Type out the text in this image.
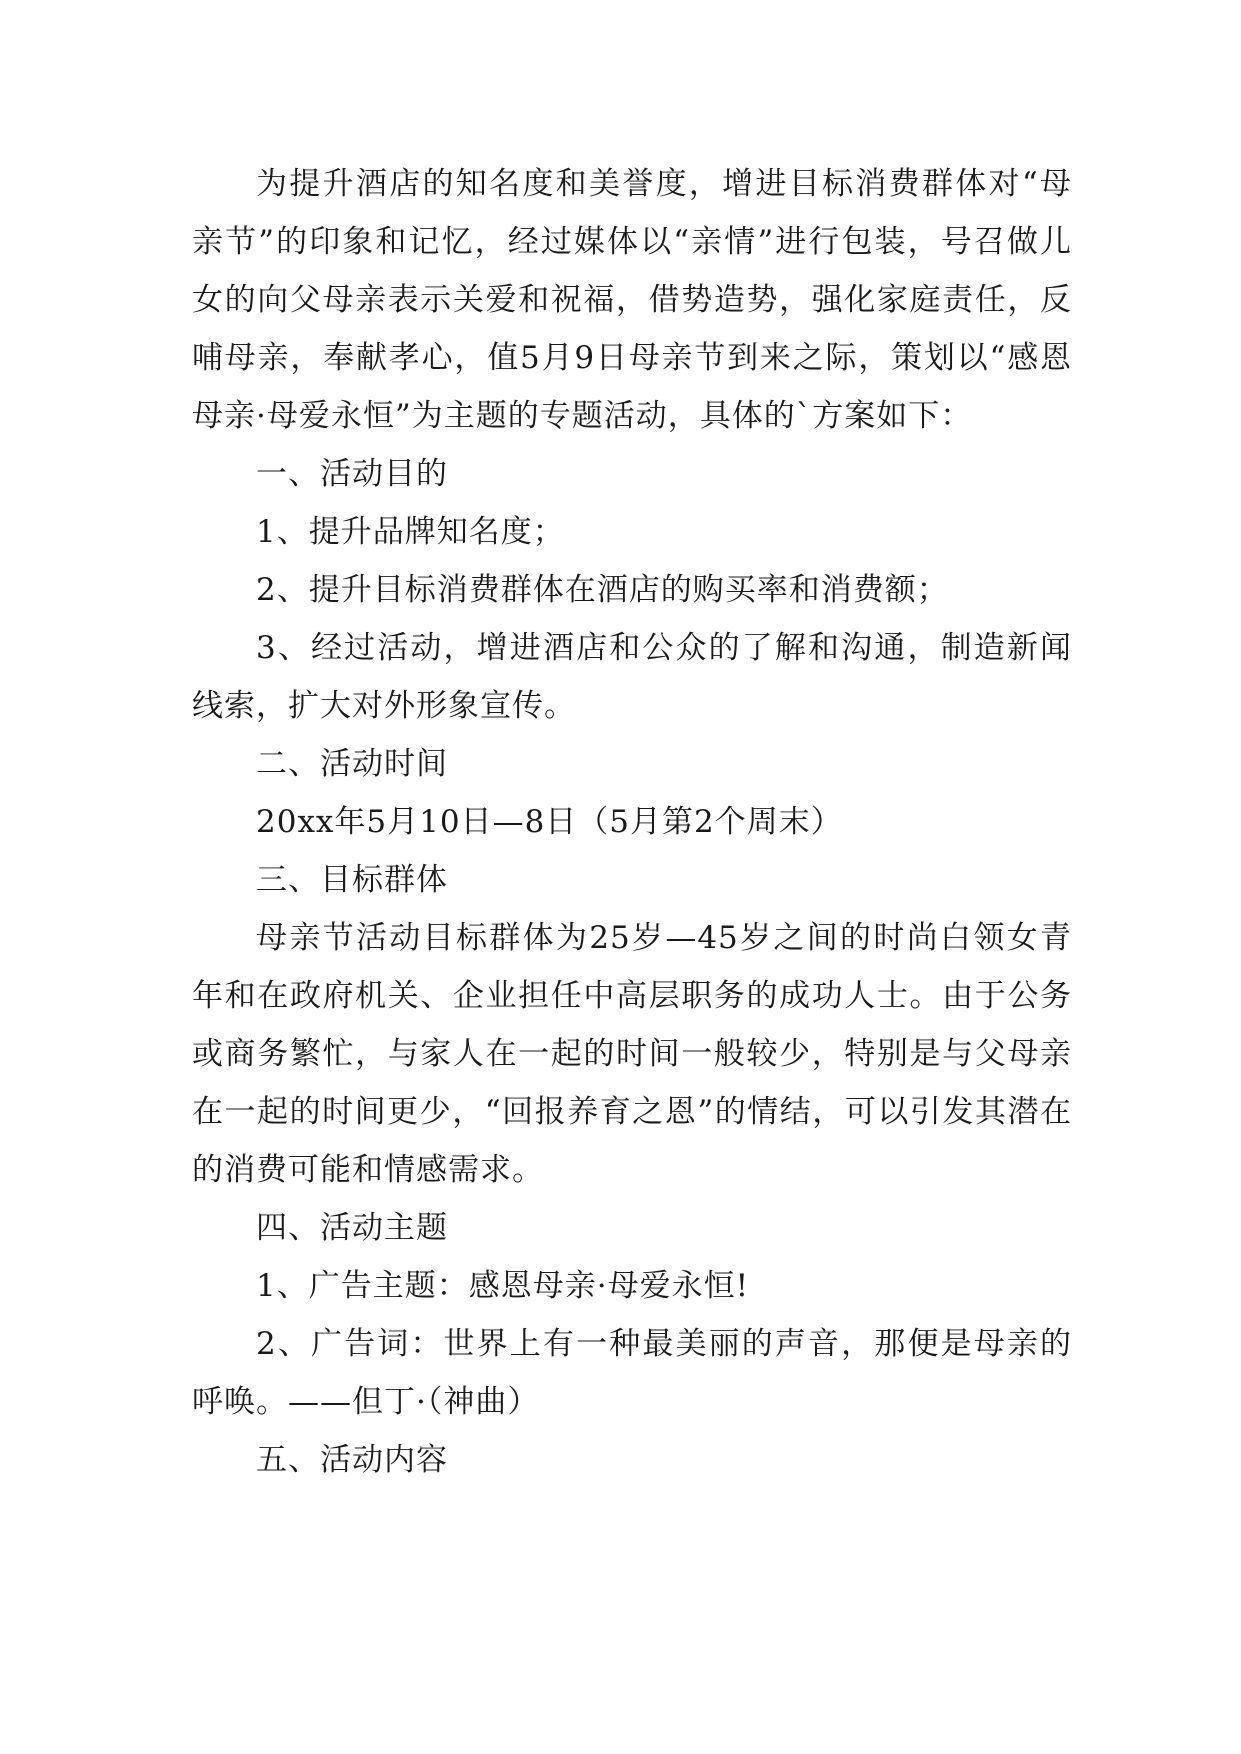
为提升酒店的知名度和美誉度，增进目标消费群体对“母亲节”的印象和记忆，经过媒体以“亲情”进行包装，号召做儿女的向父母亲表示关爱和祝福，借势造势，强化家庭责任，反哺母亲，奉献孝心，值5月9日母亲节到来之际，策划以“感恩母亲·母爱永恒”为主题的专题活动，具体的`方案如下：

一、活动目的

1、提升品牌知名度；

2、提升目标消费群体在酒店的购买率和消费额；

3、经过活动，增进酒店和公众的了解和沟通，制造新闻线索，扩大对外形象宣传。

二、活动时间

20xx年5月10日—8日（5月第2个周末）

三、目标群体

母亲节活动目标群体为25岁—45岁之间的时尚白领女青年和在政府机关、企业担任中高层职务的成功人士。由于公务或商务繁忙，与家人在一起的时间一般较少，特别是与父母亲在一起的时间更少，“回报养育之恩”的情结，可以引发其潜在的消费可能和情感需求。

四、活动主题

1、广告主题：感恩母亲·母爱永恒!

2、广告词：世界上有一种最美丽的声音，那便是母亲的呼唤。——但丁·（神曲）

五、活动内容
